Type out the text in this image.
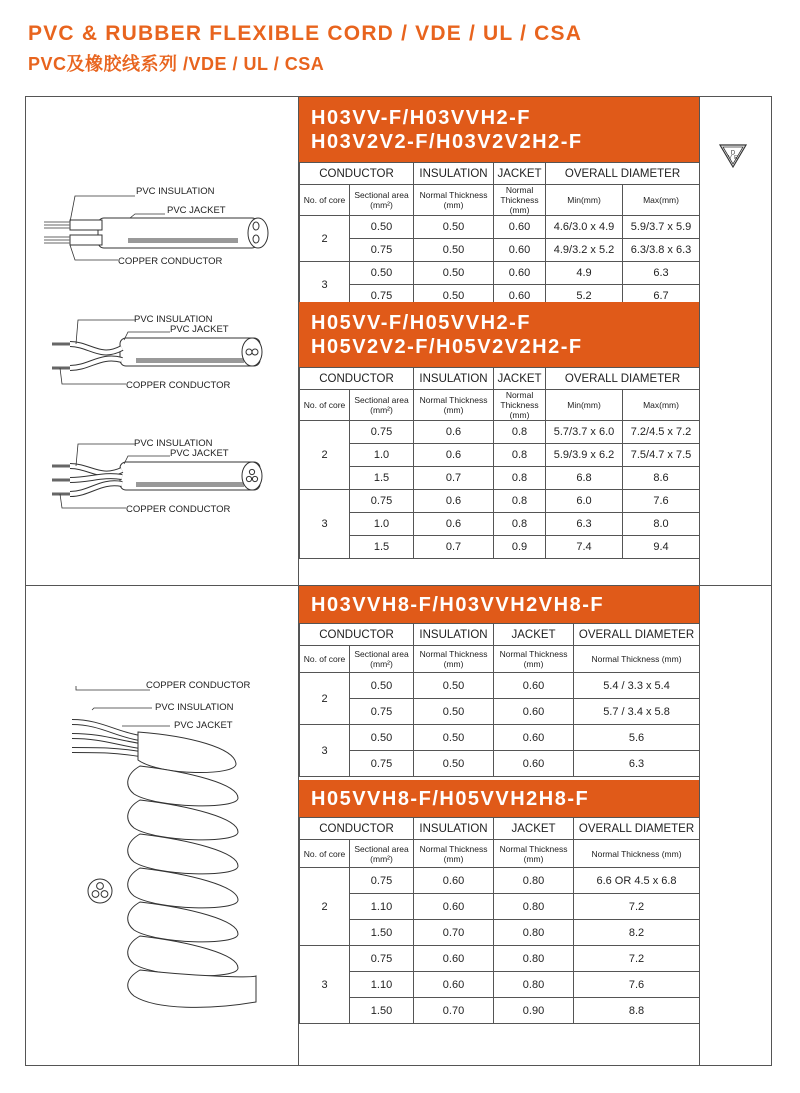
PVC & RUBBER FLEXIBLE CORD / VDE / UL / CSA
PVC及橡胶线系列 /VDE / UL / CSA
D
V E
PVC INSULATION
PVC JACKET
COPPER CONDUCTOR
PVC INSULATION
PVC JACKET
COPPER CONDUCTOR
PVC INSULATION
PVC JACKET
COPPER CONDUCTOR
COPPER CONDUCTOR
PVC INSULATION
PVC JACKET
H03VV-F/H03VVH2-F
H03V2V2-F/H03V2V2H2-F
CONDUCTOR		INSULATION	JACKET	OVERALL DIAMETER	
No. of core	Sectional area (mm²)	Normal Thickness (mm)	Normal Thickness (mm)	Min(mm)	Max(mm)
2	0.50	0.50	0.60	4.6/3.0 x 4.9	5.9/3.7 x 5.9
	0.75	0.50	0.60	4.9/3.2 x 5.2	6.3/3.8 x 6.3
3	0.50	0.50	0.60	4.9	6.3
	0.75	0.50	0.60	5.2	6.7
H05VV-F/H05VVH2-F
H05V2V2-F/H05V2V2H2-F
CONDUCTOR		INSULATION	JACKET	OVERALL DIAMETER	
No. of core	Sectional area (mm²)	Normal Thickness (mm)	Normal Thickness (mm)	Min(mm)	Max(mm)
2	0.75	0.6	0.8	5.7/3.7 x 6.0	7.2/4.5 x 7.2
	1.0	0.6	0.8	5.9/3.9 x 6.2	7.5/4.7 x 7.5
	1.5	0.7	0.8	6.8	8.6
3	0.75	0.6	0.8	6.0	7.6
	1.0	0.6	0.8	6.3	8.0
	1.5	0.7	0.9	7.4	9.4
H03VVH8-F/H03VVH2VH8-F
CONDUCTOR		INSULATION	JACKET	OVERALL DIAMETER
No. of core	Sectional area (mm²)	Normal Thickness (mm)	Normal Thickness (mm)	Normal Thickness (mm)
2	0.50	0.50	0.60	5.4 / 3.3 x 5.4
	0.75	0.50	0.60	5.7 / 3.4 x 5.8
3	0.50	0.50	0.60	5.6
	0.75	0.50	0.60	6.3
H05VVH8-F/H05VVH2H8-F
CONDUCTOR		INSULATION	JACKET	OVERALL DIAMETER
No. of core	Sectional area (mm²)	Normal Thickness (mm)	Normal Thickness (mm)	Normal Thickness (mm)
2	0.75	0.60	0.80	6.6 OR 4.5 x 6.8
	1.10	0.60	0.80	7.2
	1.50	0.70	0.80	8.2
3	0.75	0.60	0.80	7.2
	1.10	0.60	0.80	7.6
	1.50	0.70	0.90	8.8
